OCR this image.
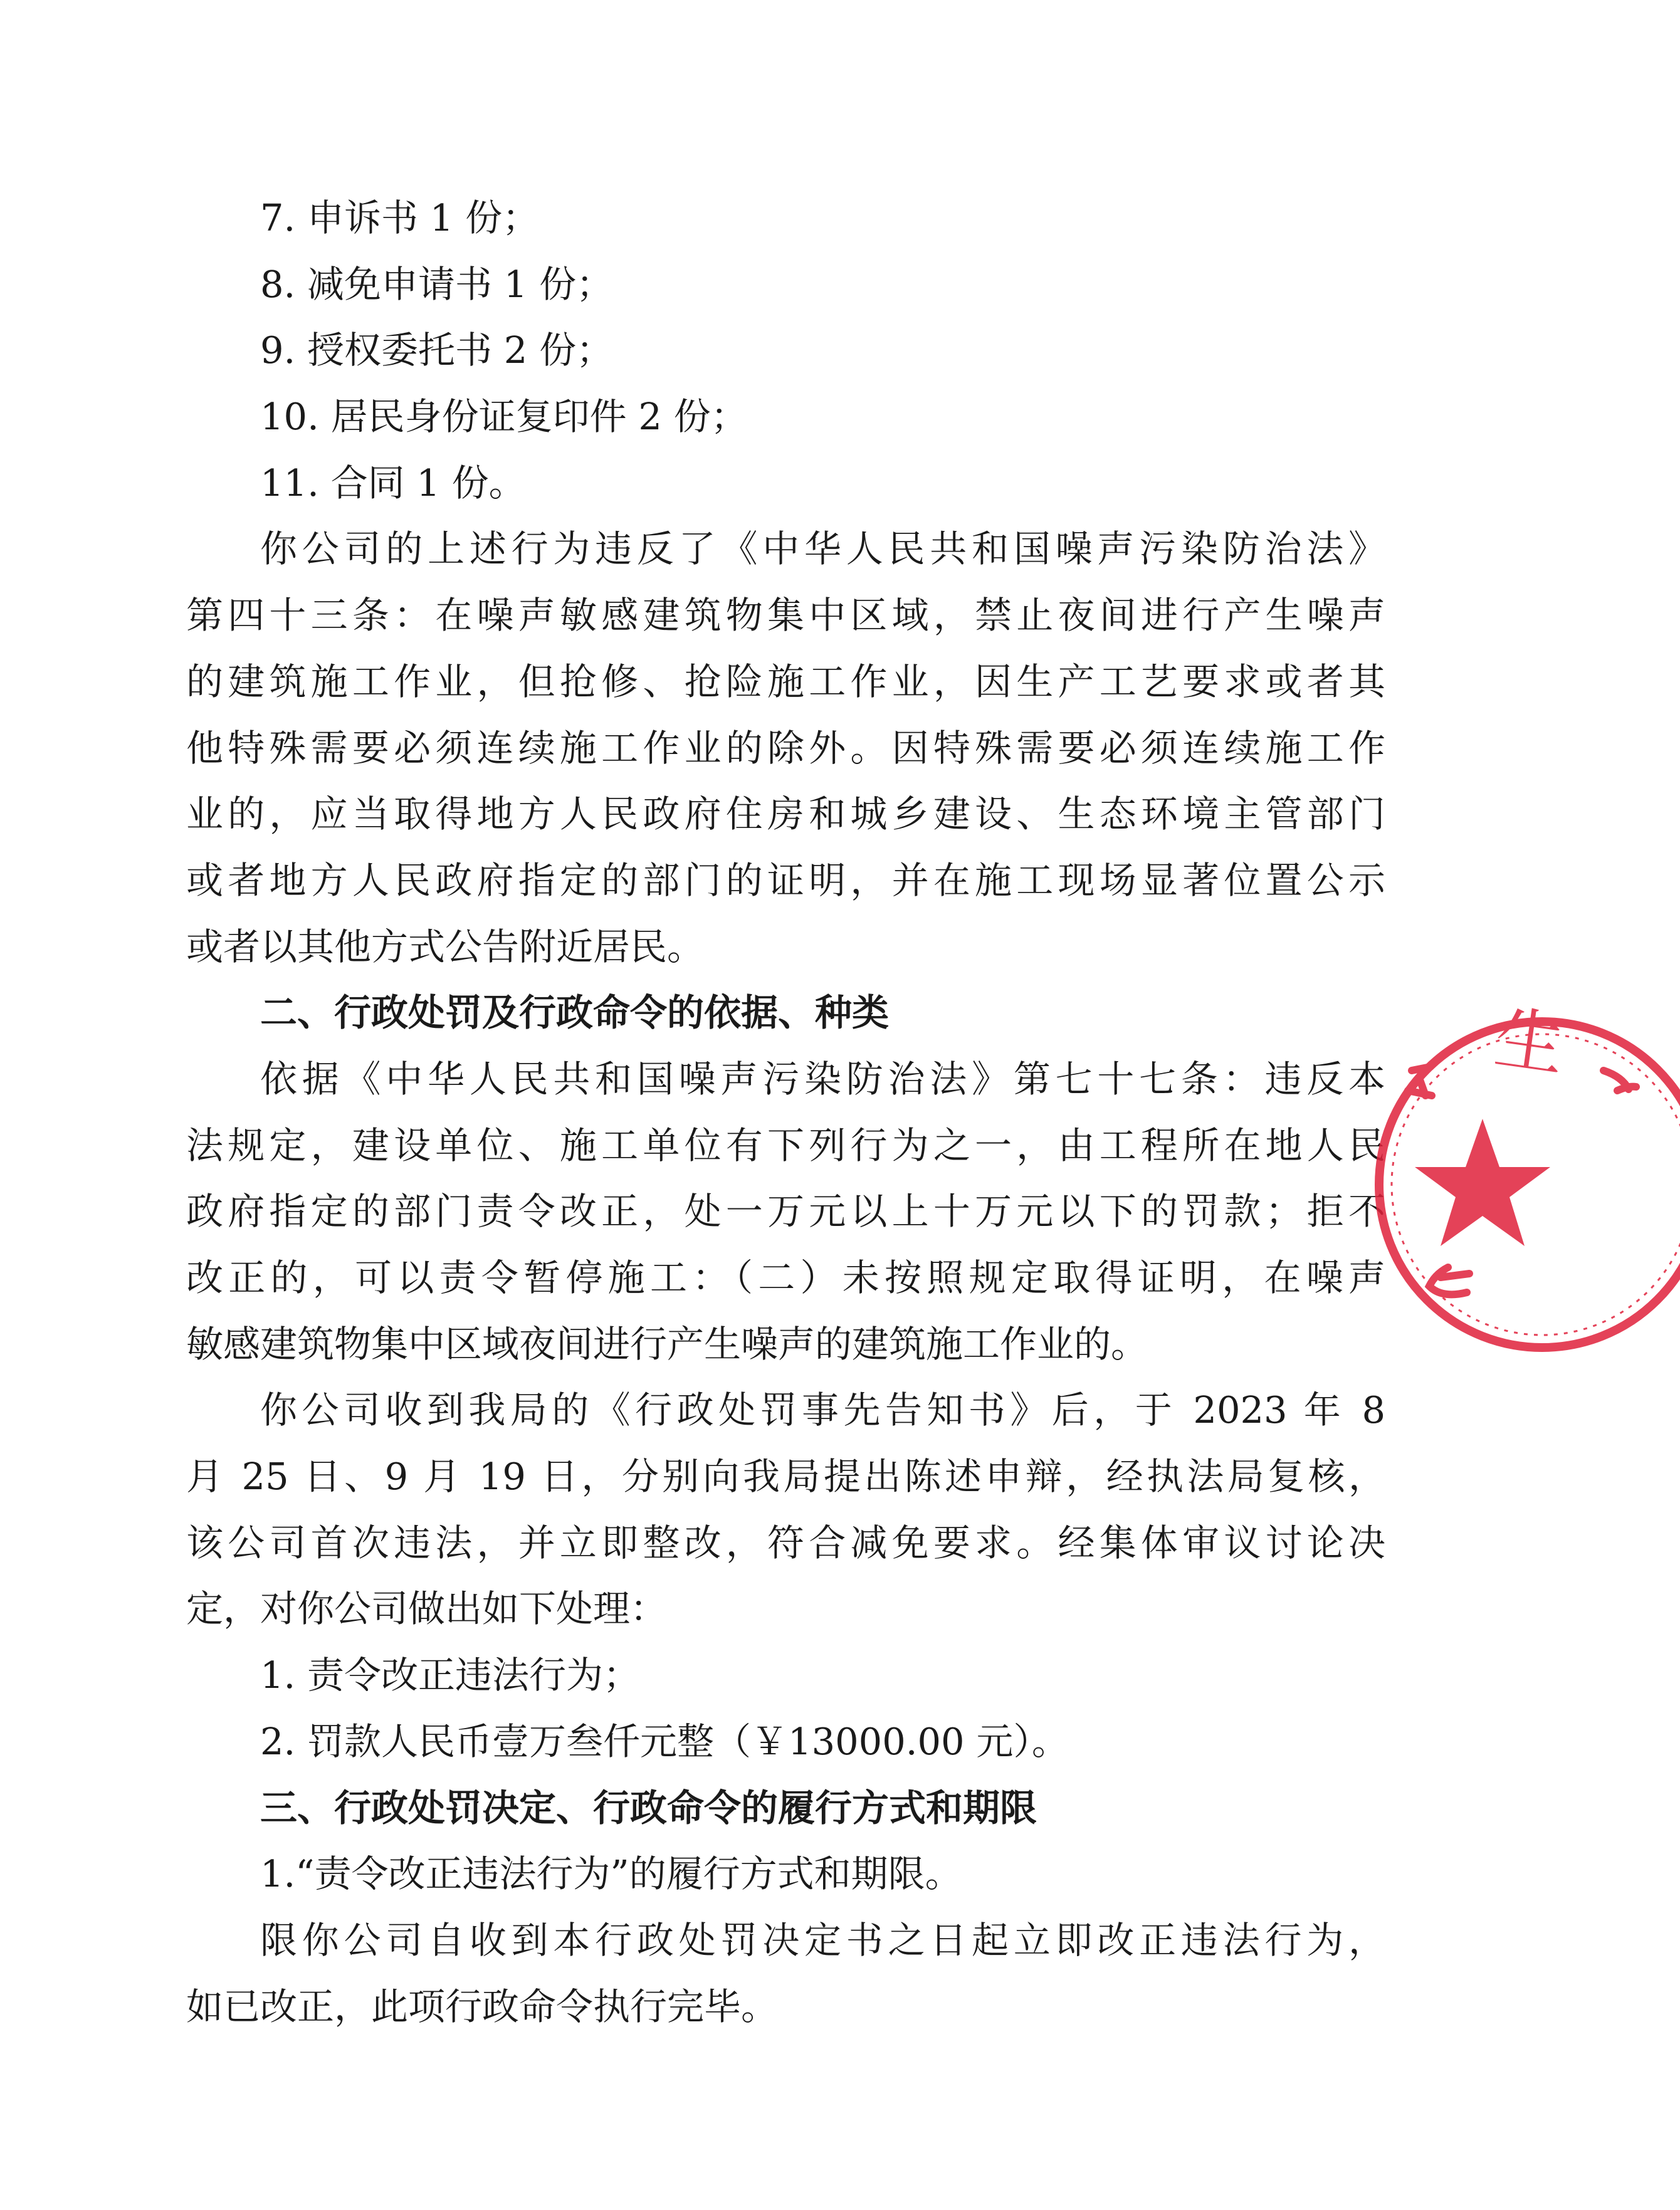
7. 申诉书 1 份；
8. 减免申请书 1 份；
9. 授权委托书 2 份；
10. 居民身份证复印件 2 份；
11. 合同 1 份。
你公司的上述行为违反了《中华人民共和国噪声污染防治法》
第四十三条：在噪声敏感建筑物集中区域，禁止夜间进行产生噪声
的建筑施工作业，但抢修、抢险施工作业，因生产工艺要求或者其
他特殊需要必须连续施工作业的除外。因特殊需要必须连续施工作
业的，应当取得地方人民政府住房和城乡建设、生态环境主管部门
或者地方人民政府指定的部门的证明，并在施工现场显著位置公示
或者以其他方式公告附近居民。
二、行政处罚及行政命令的依据、种类
依据《中华人民共和国噪声污染防治法》第七十七条：违反本
法规定，建设单位、施工单位有下列行为之一，由工程所在地人民
政府指定的部门责令改正，处一万元以上十万元以下的罚款；拒不
改正的，可以责令暂停施工：（二）未按照规定取得证明，在噪声
敏感建筑物集中区域夜间进行产生噪声的建筑施工作业的。
你公司收到我局的《行政处罚事先告知书》后，于 2023 年 8
月 25 日、9 月 19 日，分别向我局提出陈述申辩，经执法局复核，
该公司首次违法，并立即整改，符合减免要求。经集体审议讨论决
定，对你公司做出如下处理：
1. 责令改正违法行为；
2. 罚款人民币壹万叁仟元整（￥13000.00 元）。
三、行政处罚决定、行政命令的履行方式和期限
1.“责令改正违法行为”的履行方式和期限。
限你公司自收到本行政处罚决定书之日起立即改正违法行为，
如已改正，此项行政命令执行完毕。
生
